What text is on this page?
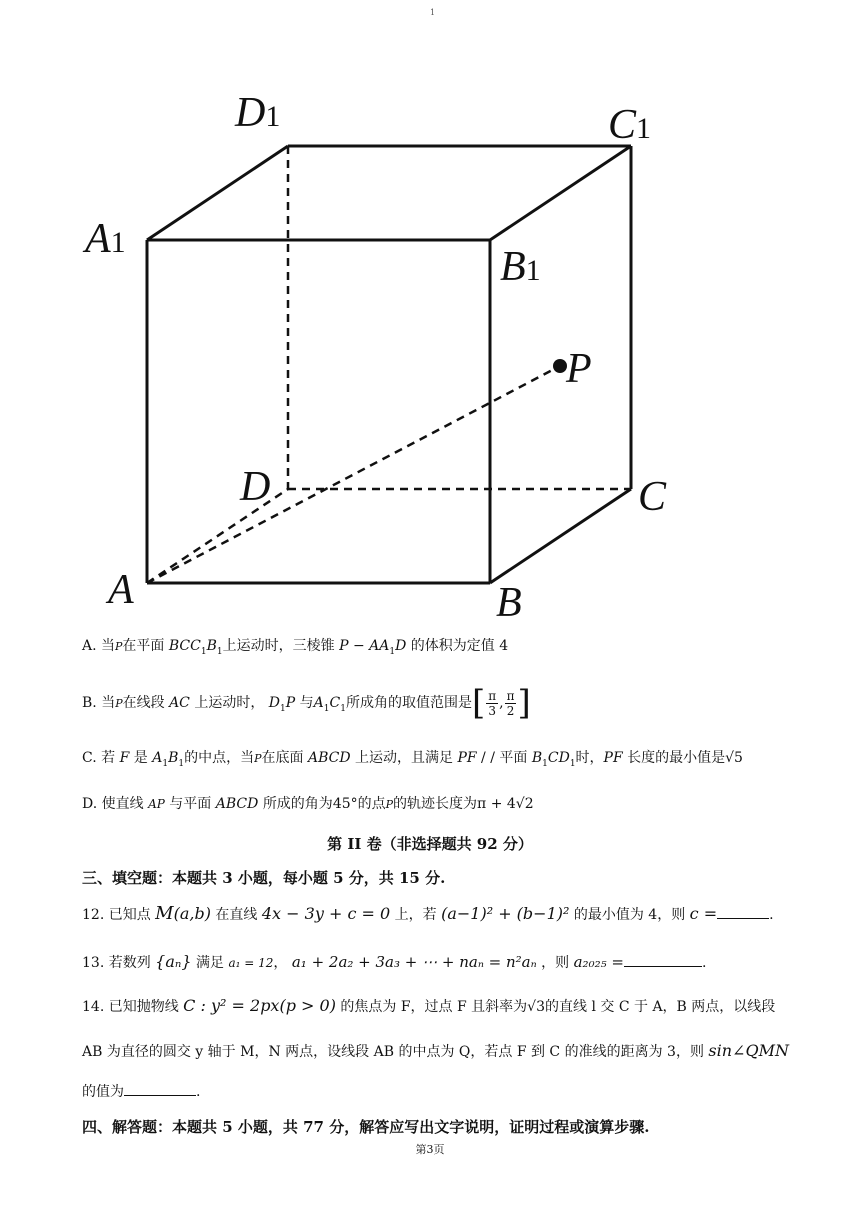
1
D1	C1
A1
B1
P
D	C
A	B
A. 当P在平面 $BCC_1B_1$上运动时，三棱锥 $P - AA_1D$ 的体积为定值 4
B. 当P在线段 AC 上运动时， $D_1P$ 与$A_1C_1$所成角的取值范围是[ $\frac{\pi}{3}$ , $\frac{\pi}{2}$ ]
C. 若 F 是 $A_1B_1$的中点，当P在底面 ABCD 上运动，且满足 PF / / 平面 $B_1CD_1$时，PF 长度的最小值是√5
D. 使直线 AP 与平面 ABCD 所成的角为45°的点P的轨迹长度为π + 4√2
第 II 卷（非选择题共 92 分）
三、填空题：本题共 3 小题，每小题 5 分，共 15 分.
12. 已知点 M(a,b) 在直线 4x − 3y + c = 0 上，若 (a−1)² + (b−1)² 的最小值为 4，则 c =	.
13. 若数列 {aₙ} 满足 a₁ = 12， a₁ + 2a₂ + 3a₃ + ⋯ + naₙ = n²aₙ ，则 a₂₀₂₅ =	.
14. 已知抛物线 C : y² = 2px(p > 0) 的焦点为 F，过点 F 且斜率为√3的直线 l 交 C 于 A，B 两点，以线段
AB 为直径的圆交 y 轴于 M，N 两点，设线段 AB 的中点为 Q，若点 F 到 C 的准线的距离为 3，则 sin∠QMN
的值为	.
四、解答题：本题共 5 小题，共 77 分，解答应写出文字说明，证明过程或演算步骤.
第3页
